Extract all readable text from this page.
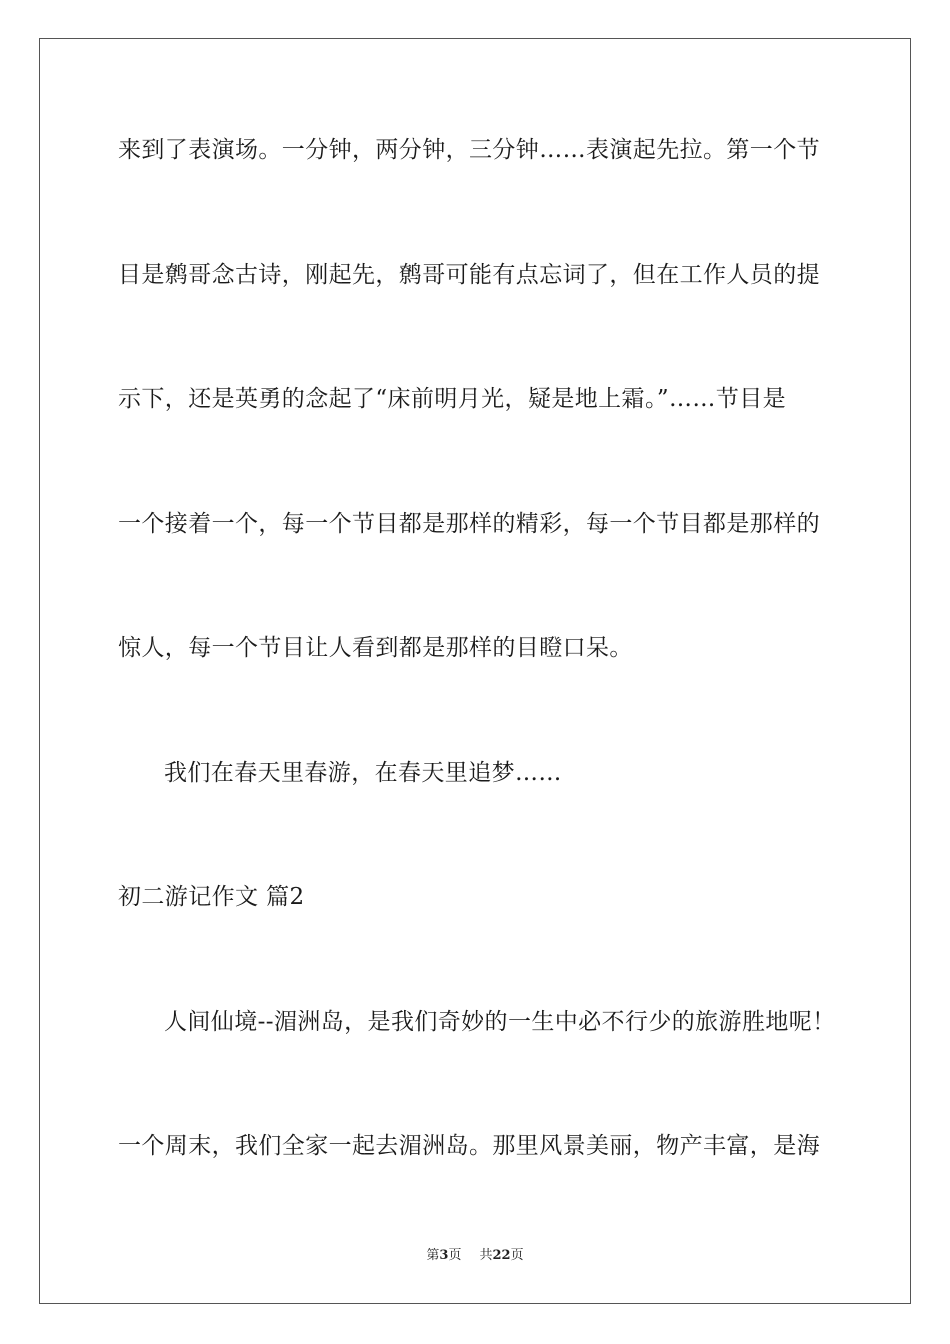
来到了表演场。一分钟，两分钟，三分钟……表演起先拉。第一个节
目是鹩哥念古诗，刚起先，鹩哥可能有点忘词了，但在工作人员的提
示下，还是英勇的念起了“床前明月光，疑是地上霜。”……节目是
一个接着一个，每一个节目都是那样的精彩，每一个节目都是那样的
惊人，每一个节目让人看到都是那样的目瞪口呆。
我们在春天里春游，在春天里追梦……
初二游记作文 篇2
人间仙境--湄洲岛，是我们奇妙的一生中必不行少的旅游胜地呢！
一个周末，我们全家一起去湄洲岛。那里风景美丽，物产丰富，是海
第3页 共22页
